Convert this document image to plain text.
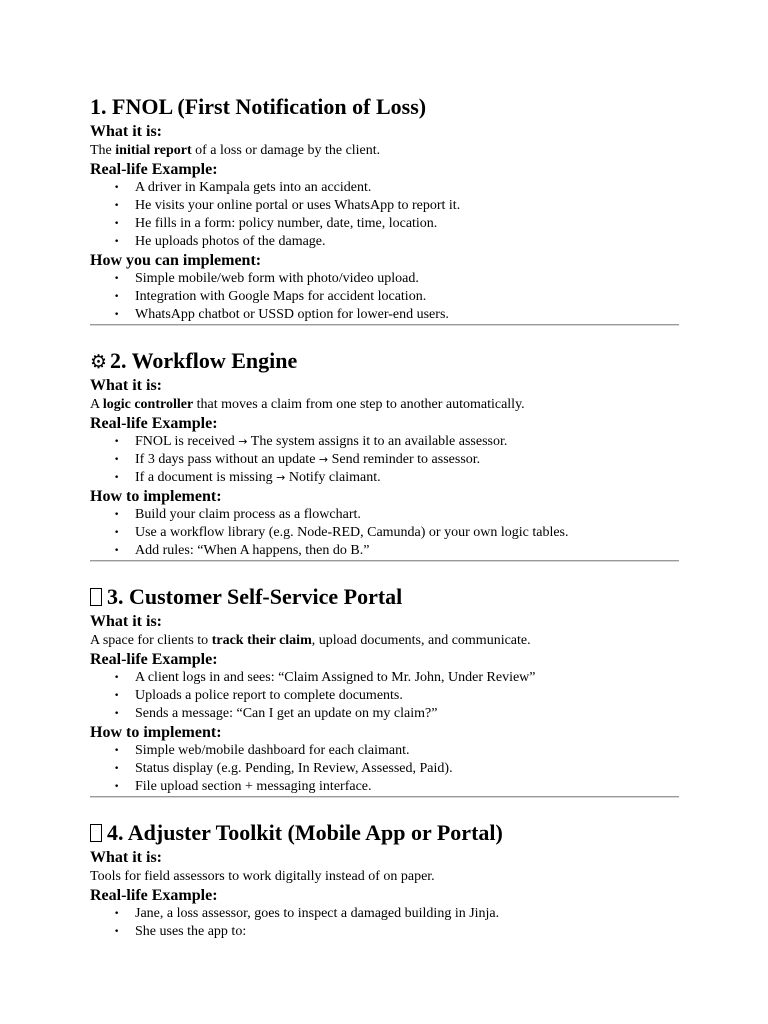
1. FNOL (First Notification of Loss)
What it is:

The initial report of a loss or damage by the client.

Real-life Example:
• A driver in Kampala gets into an accident.
• He visits your online portal or uses WhatsApp to report it.
• He fills in a form: policy number, date, time, location.
• He uploads photos of the damage.
How you can implement:
• Simple mobile/web form with photo/video upload.
• Integration with Google Maps for accident location.
• WhatsApp chatbot or USSD option for lower-end users.
⚙ 2. Workflow Engine
What it is:

A logic controller that moves a claim from one step to another automatically.

Real-life Example:
• FNOL is received → The system assigns it to an available assessor.
• If 3 days pass without an update → Send reminder to assessor.
• If a document is missing → Notify claimant.
How to implement:
• Build your claim process as a flowchart.
• Use a workflow library (e.g. Node-RED, Camunda) or your own logic tables.
• Add rules: “When A happens, then do B.”
3. Customer Self-Service Portal
What it is:

A space for clients to track their claim, upload documents, and communicate.

Real-life Example:
• A client logs in and sees: “Claim Assigned to Mr. John, Under Review”
• Uploads a police report to complete documents.
• Sends a message: “Can I get an update on my claim?”
How to implement:
• Simple web/mobile dashboard for each claimant.
• Status display (e.g. Pending, In Review, Assessed, Paid).
• File upload section + messaging interface.
4. Adjuster Toolkit (Mobile App or Portal)
What it is:

Tools for field assessors to work digitally instead of on paper.

Real-life Example:
• Jane, a loss assessor, goes to inspect a damaged building in Jinja.
• She uses the app to:
